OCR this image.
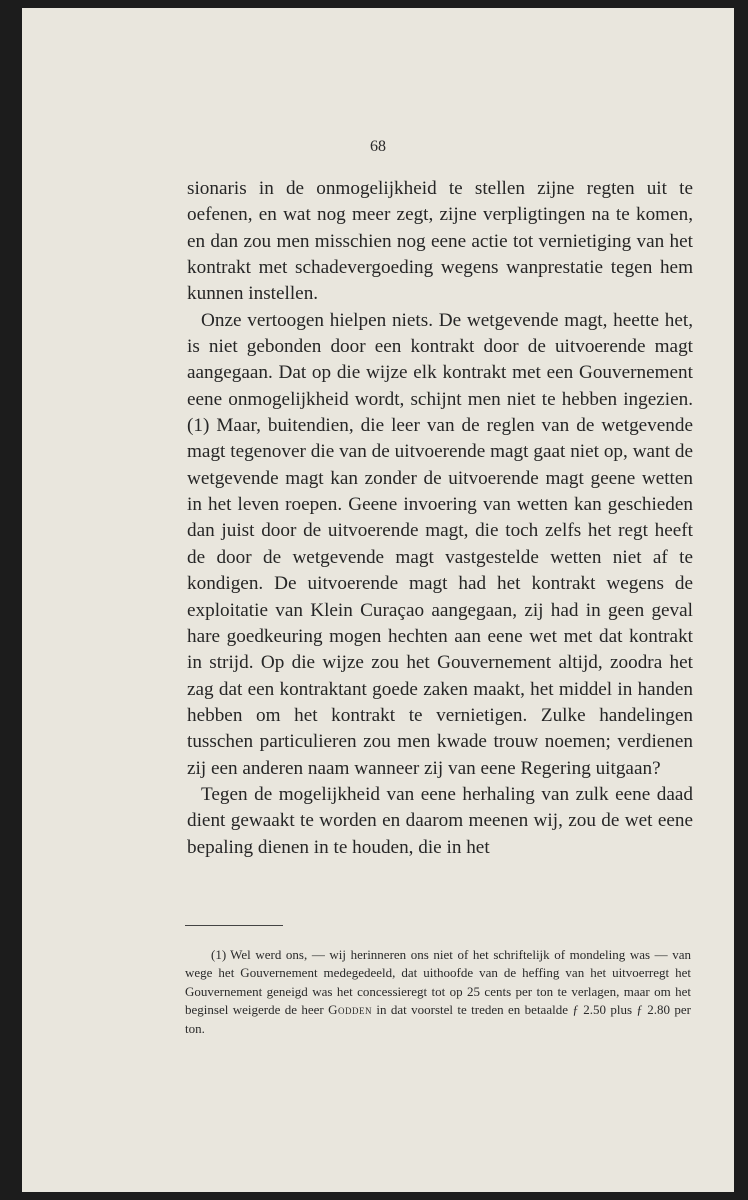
68

sionaris in de onmogelijkheid te stellen zijne regten uit te oefenen, en wat nog meer zegt, zijne verpligtingen na te komen, en dan zou men misschien nog eene actie tot vernietiging van het kontrakt met schadevergoeding wegens wanprestatie tegen hem kunnen instellen.

Onze vertoogen hielpen niets. De wetgevende magt, heette het, is niet gebonden door een kontrakt door de uitvoerende magt aangegaan. Dat op die wijze elk kontrakt met een Gouvernement eene onmogelijkheid wordt, schijnt men niet te hebben ingezien. (1) Maar, buitendien, die leer van de reglen van de wetgevende magt tegenover die van de uitvoerende magt gaat niet op, want de wetgevende magt kan zonder de uitvoerende magt geene wetten in het leven roepen. Geene invoering van wetten kan geschieden dan juist door de uitvoerende magt, die toch zelfs het regt heeft de door de wetgevende magt vastgestelde wetten niet af te kondigen. De uitvoerende magt had het kontrakt wegens de exploitatie van Klein Curaçao aangegaan, zij had in geen geval hare goedkeuring mogen hechten aan eene wet met dat kontrakt in strijd. Op die wijze zou het Gouvernement altijd, zoodra het zag dat een kontraktant goede zaken maakt, het middel in handen hebben om het kontrakt te vernietigen. Zulke handelingen tusschen particulieren zou men kwade trouw noemen; verdienen zij een anderen naam wanneer zij van eene Regering uitgaan?

Tegen de mogelijkheid van eene herhaling van zulk eene daad dient gewaakt te worden en daarom meenen wij, zou de wet eene bepaling dienen in te houden, die in het

(1) Wel werd ons, — wij herinneren ons niet of het schriftelijk of mondeling was — van wege het Gouvernement medegedeeld, dat uithoofde van de heffing van het uitvoerregt het Gouvernement geneigd was het concessieregt tot op 25 cents per ton te verlagen, maar om het beginsel weigerde de heer Godden in dat voorstel te treden en betaalde ƒ 2.50 plus ƒ 2.80 per ton.
